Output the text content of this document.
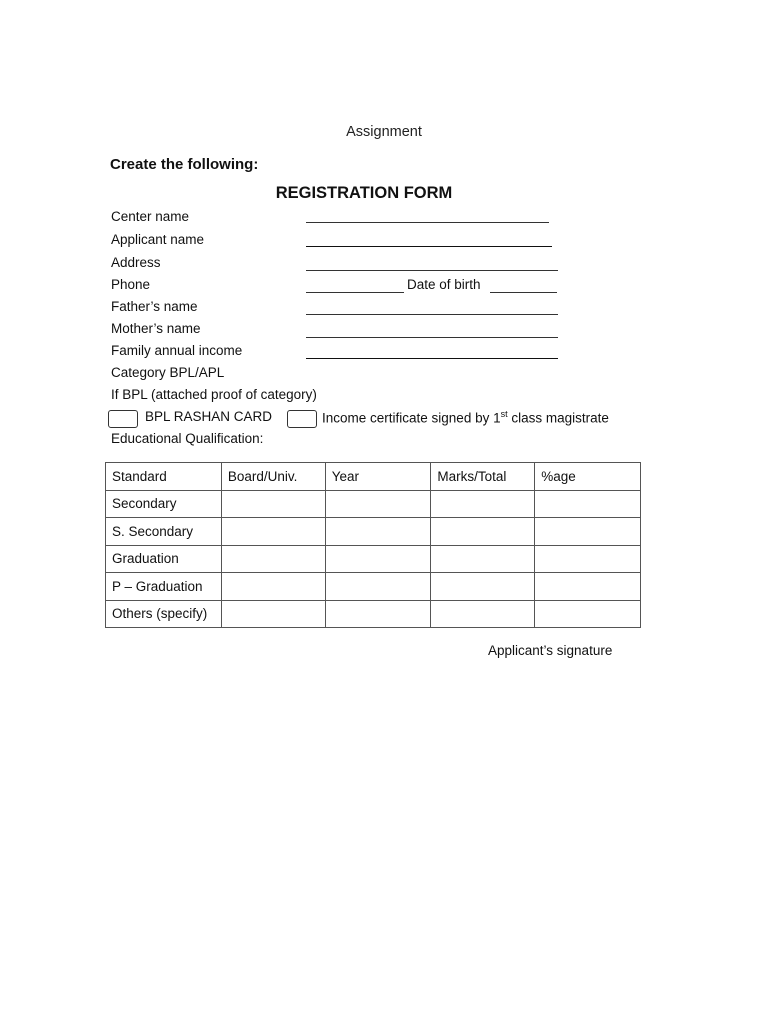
Assignment
Create the following:
REGISTRATION FORM
Center name
Applicant name
Address
Phone	Date of birth
Father’s name
Mother’s name
Family annual income
Category BPL/APL
If BPL (attached proof of category)
BPL RASHAN CARD	Income certificate signed by 1st class magistrate
Educational Qualification:
Standard	Board/Univ.	Year	Marks/Total	%age
Secondary				
S. Secondary				
Graduation				
P – Graduation				
Others (specify)				
Applicant’s signature
